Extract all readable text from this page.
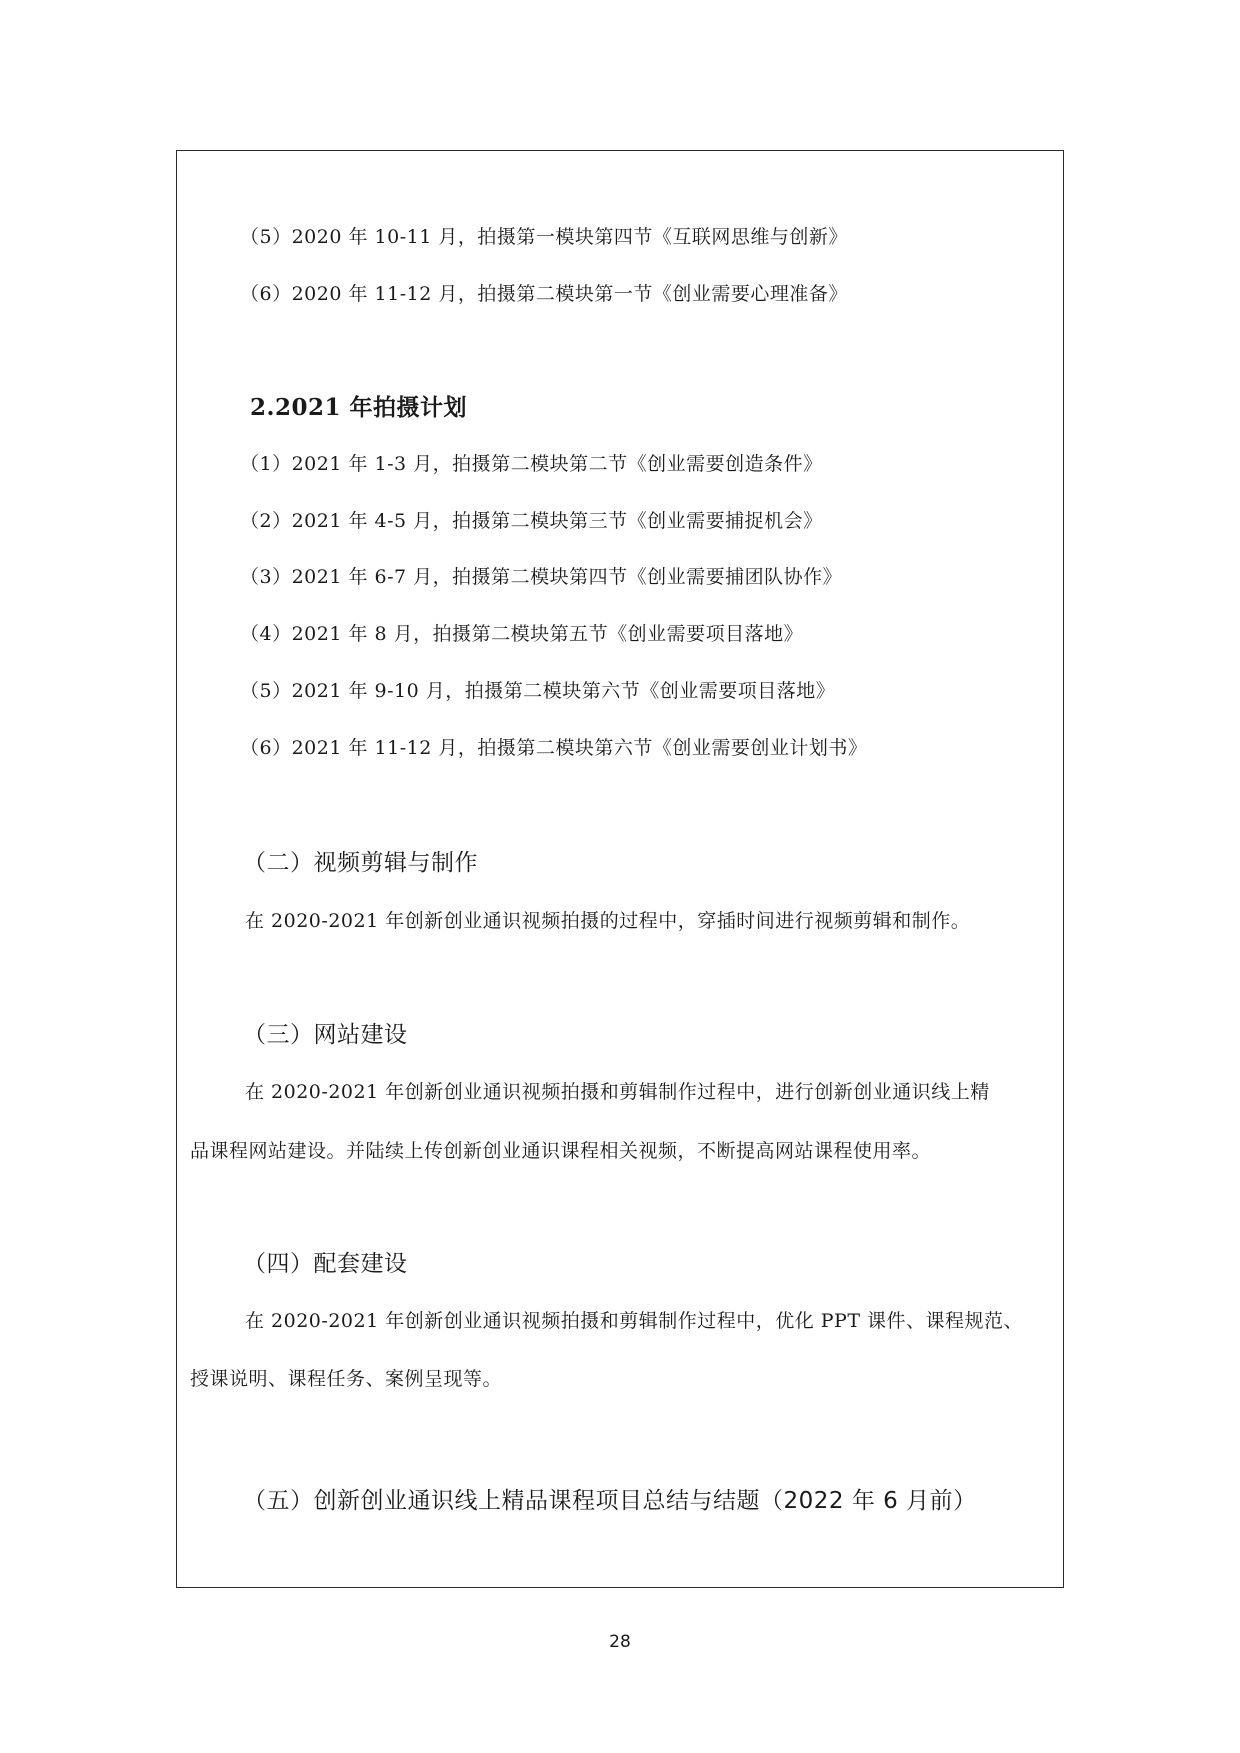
（5）2020 年 10-11 月，拍摄第一模块第四节《互联网思维与创新》
（6）2020 年 11-12 月，拍摄第二模块第一节《创业需要心理准备》
2.2021 年拍摄计划
（1）2021 年 1-3 月，拍摄第二模块第二节《创业需要创造条件》
（2）2021 年 4-5 月，拍摄第二模块第三节《创业需要捕捉机会》
（3）2021 年 6-7 月，拍摄第二模块第四节《创业需要捕团队协作》
（4）2021 年 8 月，拍摄第二模块第五节《创业需要项目落地》
（5）2021 年 9-10 月，拍摄第二模块第六节《创业需要项目落地》
（6）2021 年 11-12 月，拍摄第二模块第六节《创业需要创业计划书》
（二）视频剪辑与制作
在 2020-2021 年创新创业通识视频拍摄的过程中，穿插时间进行视频剪辑和制作。
（三）网站建设
在 2020-2021 年创新创业通识视频拍摄和剪辑制作过程中，进行创新创业通识线上精
品课程网站建设。并陆续上传创新创业通识课程相关视频，不断提高网站课程使用率。
（四）配套建设
在 2020-2021 年创新创业通识视频拍摄和剪辑制作过程中，优化 PPT 课件、课程规范、
授课说明、课程任务、案例呈现等。
（五）创新创业通识线上精品课程项目总结与结题（2022 年 6 月前）
28
